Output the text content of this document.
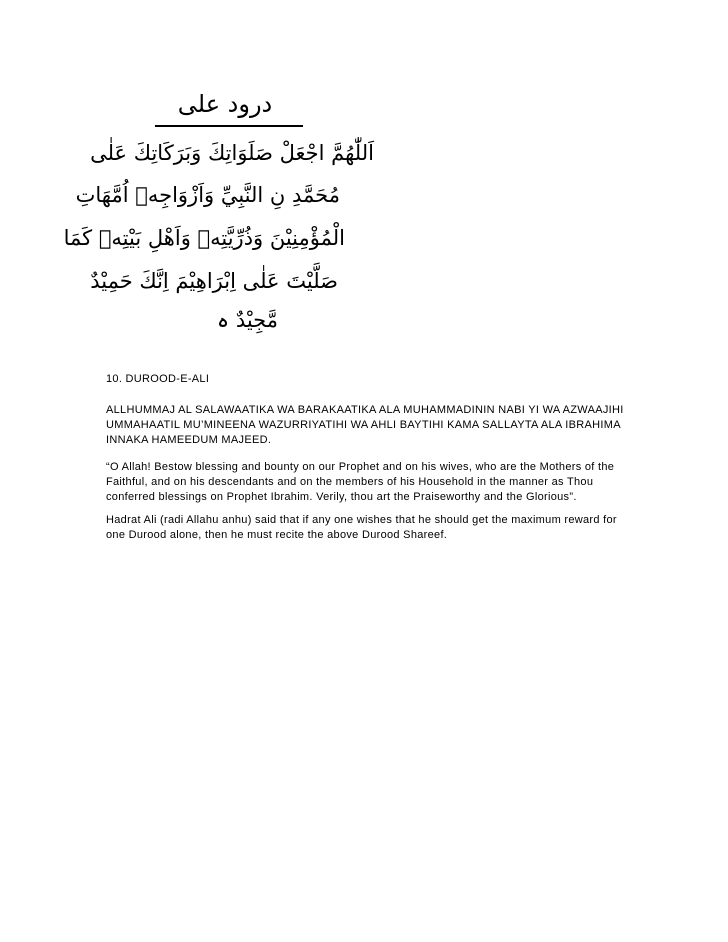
درود علی
اَللّٰهُمَّ اجْعَلْ صَلَوَاتِكَ وَبَرَكَاتِكَ عَلٰى
مُحَمَّدِ نِ النَّبِيِّ وَاَزْوَاجِهٖ اُمَّهَاتِ
الْمُؤْمِنِيْنَ وَذُرِّيَّتِهٖ وَاَهْلِ بَيْتِهٖ كَمَا
صَلَّيْتَ عَلٰى اِبْرَاهِيْمَ اِنَّكَ حَمِيْدٌ
مَّجِيْدٌ ہ

10. DUROOD-E-ALI

ALLHUMMAJ AL SALAWAATIKA WA BARAKAATIKA ALA MUHAMMADININ NABI YI WA AZWAAJIHI UMMAHAATIL MU’MINEENA WAZURRIYATIHI WA AHLI BAYTIHI KAMA SALLAYTA ALA IBRAHIMA INNAKA HAMEEDUM MAJEED.

“O Allah! Bestow blessing and bounty on our Prophet and on his wives, who are the Mothers of the Faithful, and on his descendants and on the members of his Household in the manner as Thou conferred blessings on Prophet Ibrahim. Verily, thou art the Praiseworthy and the Glorious”.

Hadrat Ali (radi Allahu anhu) said that if any one wishes that he should get the maximum reward for one Durood alone, then he must recite the above Durood Shareef.
